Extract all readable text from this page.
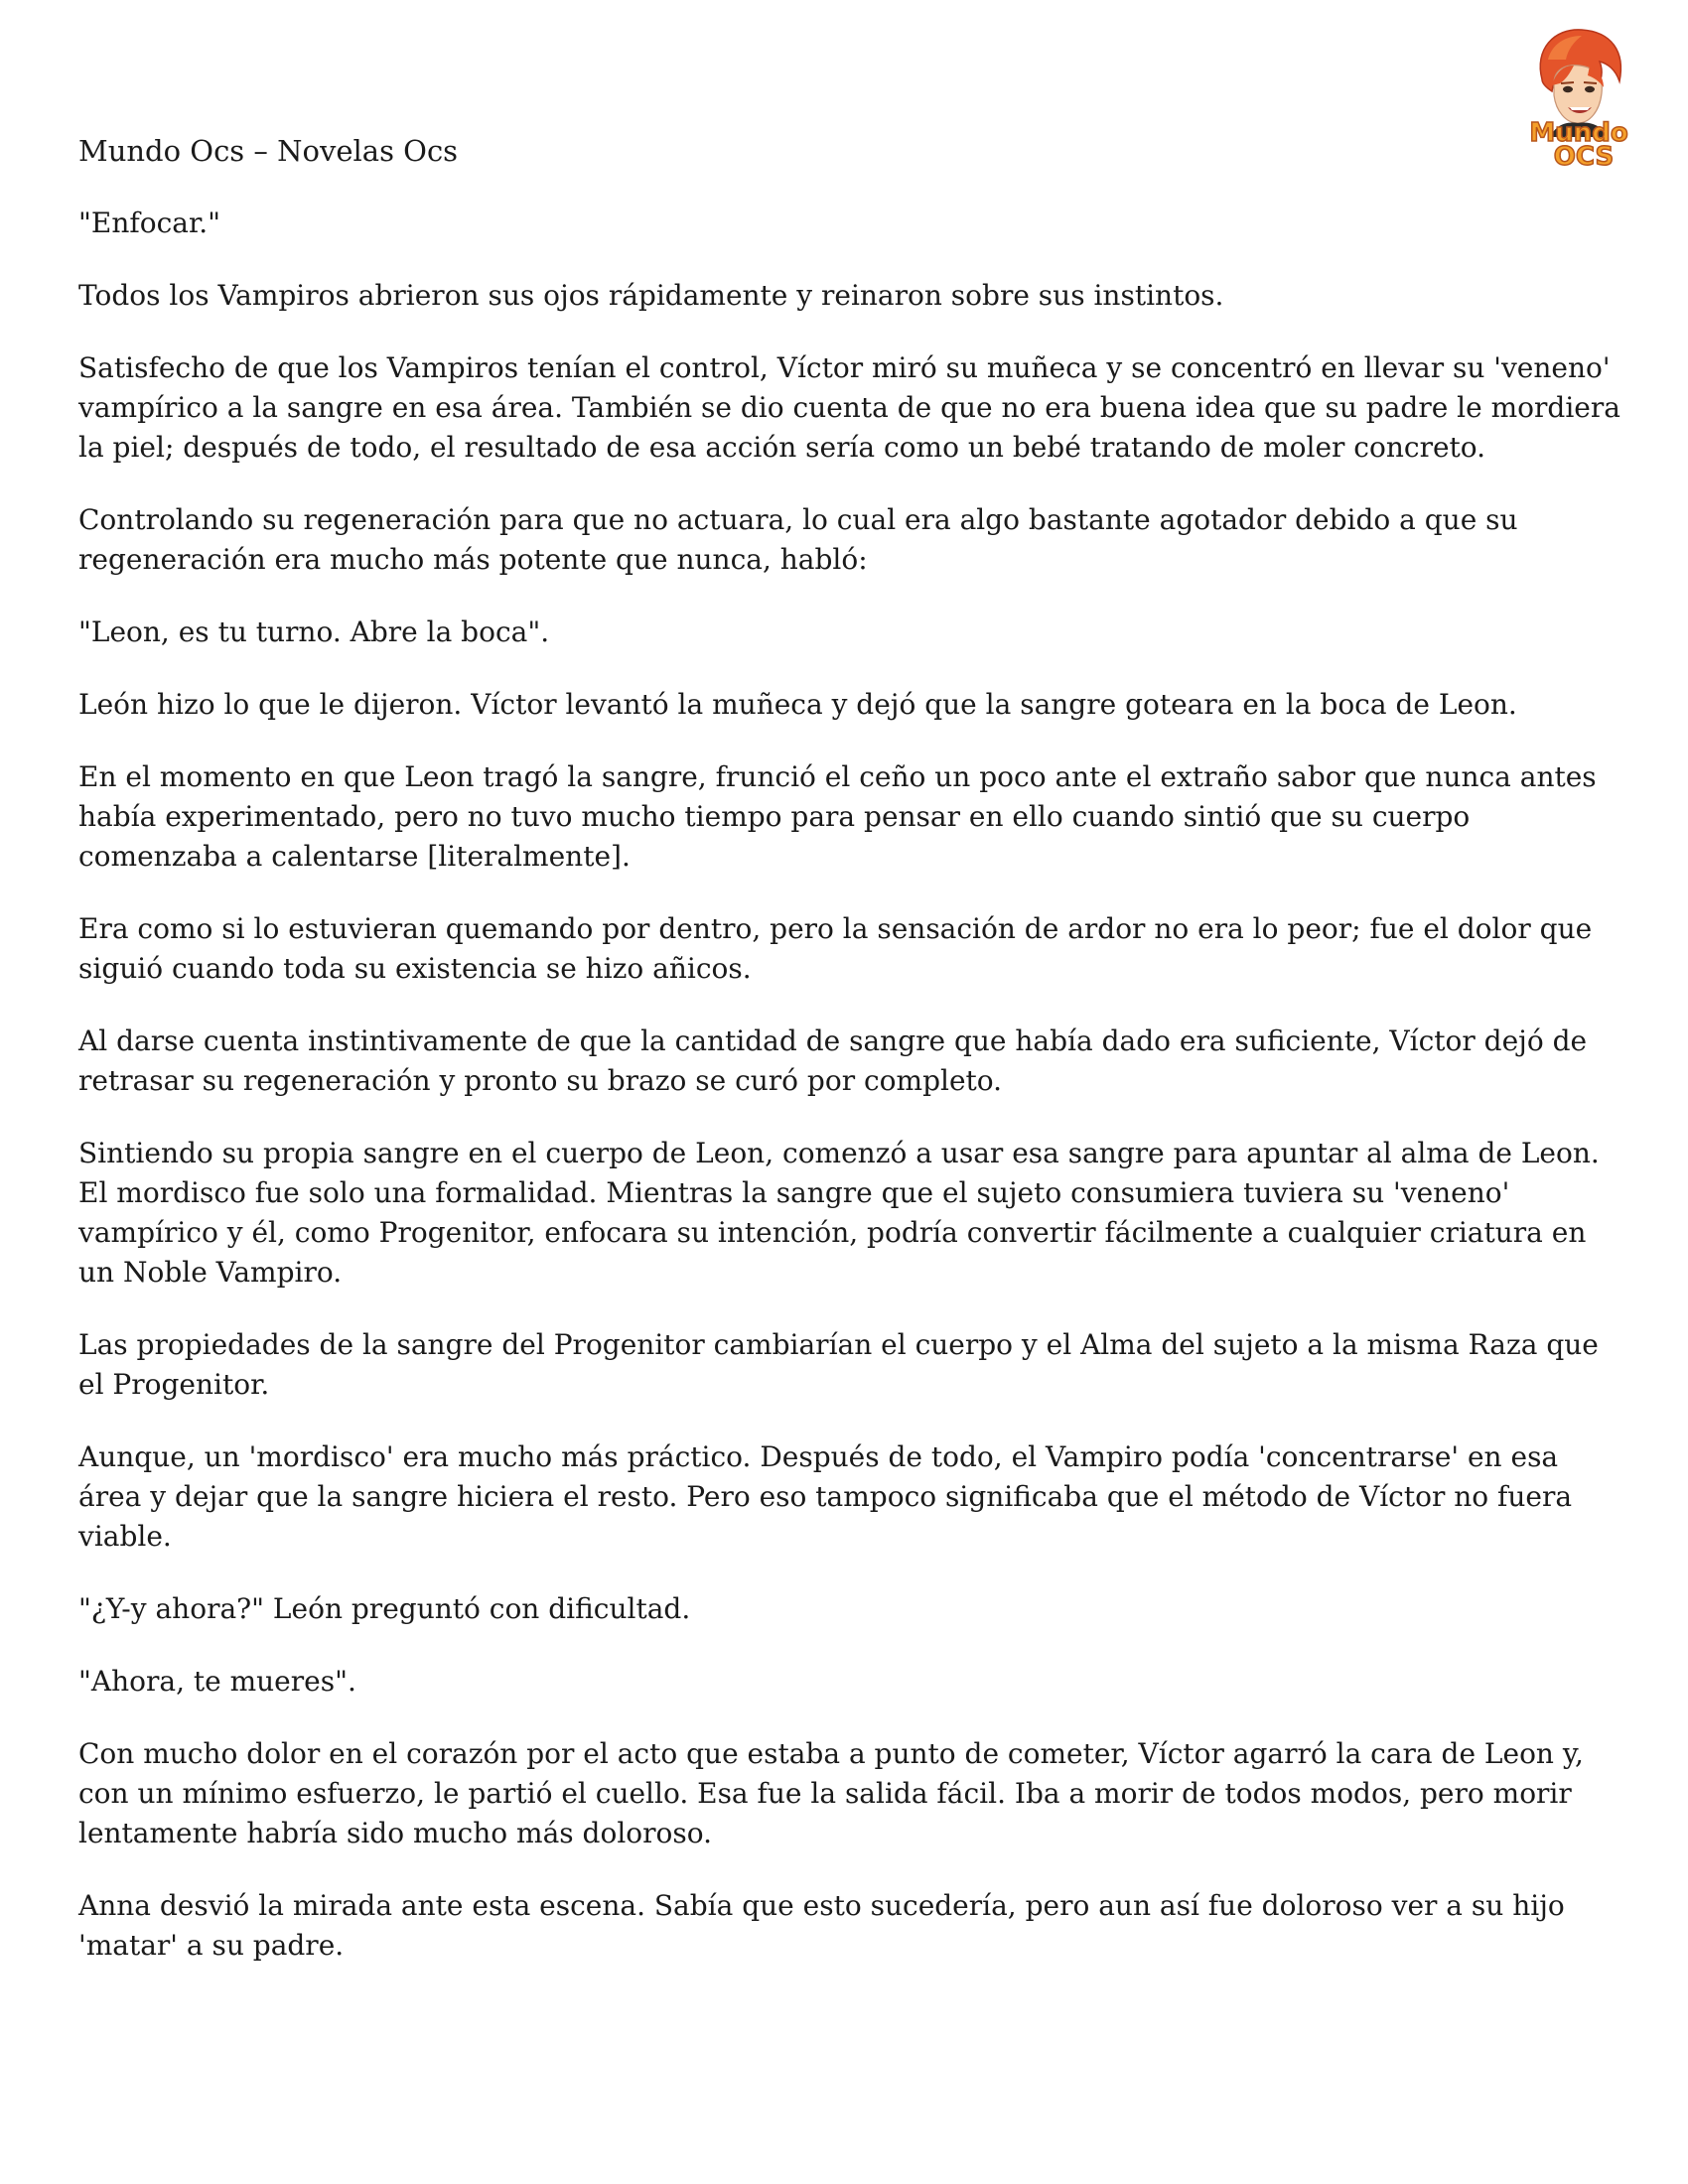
Mundo
OCS
Mundo Ocs – Novelas Ocs

"Enfocar."

Todos los Vampiros abrieron sus ojos rápidamente y reinaron sobre sus instintos.

Satisfecho de que los Vampiros tenían el control, Víctor miró su muñeca y se concentró en llevar su 'veneno' vampírico a la sangre en esa área. También se dio cuenta de que no era buena idea que su padre le mordiera la piel; después de todo, el resultado de esa acción sería como un bebé tratando de moler concreto.

Controlando su regeneración para que no actuara, lo cual era algo bastante agotador debido a que su regeneración era mucho más potente que nunca, habló:

"Leon, es tu turno. Abre la boca".

León hizo lo que le dijeron. Víctor levantó la muñeca y dejó que la sangre goteara en la boca de Leon.

En el momento en que Leon tragó la sangre, frunció el ceño un poco ante el extraño sabor que nunca antes había experimentado, pero no tuvo mucho tiempo para pensar en ello cuando sintió que su cuerpo comenzaba a calentarse [literalmente].

Era como si lo estuvieran quemando por dentro, pero la sensación de ardor no era lo peor; fue el dolor que siguió cuando toda su existencia se hizo añicos.

Al darse cuenta instintivamente de que la cantidad de sangre que había dado era suficiente, Víctor dejó de retrasar su regeneración y pronto su brazo se curó por completo.

Sintiendo su propia sangre en el cuerpo de Leon, comenzó a usar esa sangre para apuntar al alma de Leon. El mordisco fue solo una formalidad. Mientras la sangre que el sujeto consumiera tuviera su 'veneno' vampírico y él, como Progenitor, enfocara su intención, podría convertir fácilmente a cualquier criatura en un Noble Vampiro.

Las propiedades de la sangre del Progenitor cambiarían el cuerpo y el Alma del sujeto a la misma Raza que el Progenitor.

Aunque, un 'mordisco' era mucho más práctico. Después de todo, el Vampiro podía 'concentrarse' en esa área y dejar que la sangre hiciera el resto. Pero eso tampoco significaba que el método de Víctor no fuera viable.

"¿Y-y ahora?" León preguntó con dificultad.

"Ahora, te mueres".

Con mucho dolor en el corazón por el acto que estaba a punto de cometer, Víctor agarró la cara de Leon y, con un mínimo esfuerzo, le partió el cuello. Esa fue la salida fácil. Iba a morir de todos modos, pero morir lentamente habría sido mucho más doloroso.

Anna desvió la mirada ante esta escena. Sabía que esto sucedería, pero aun así fue doloroso ver a su hijo 'matar' a su padre.
